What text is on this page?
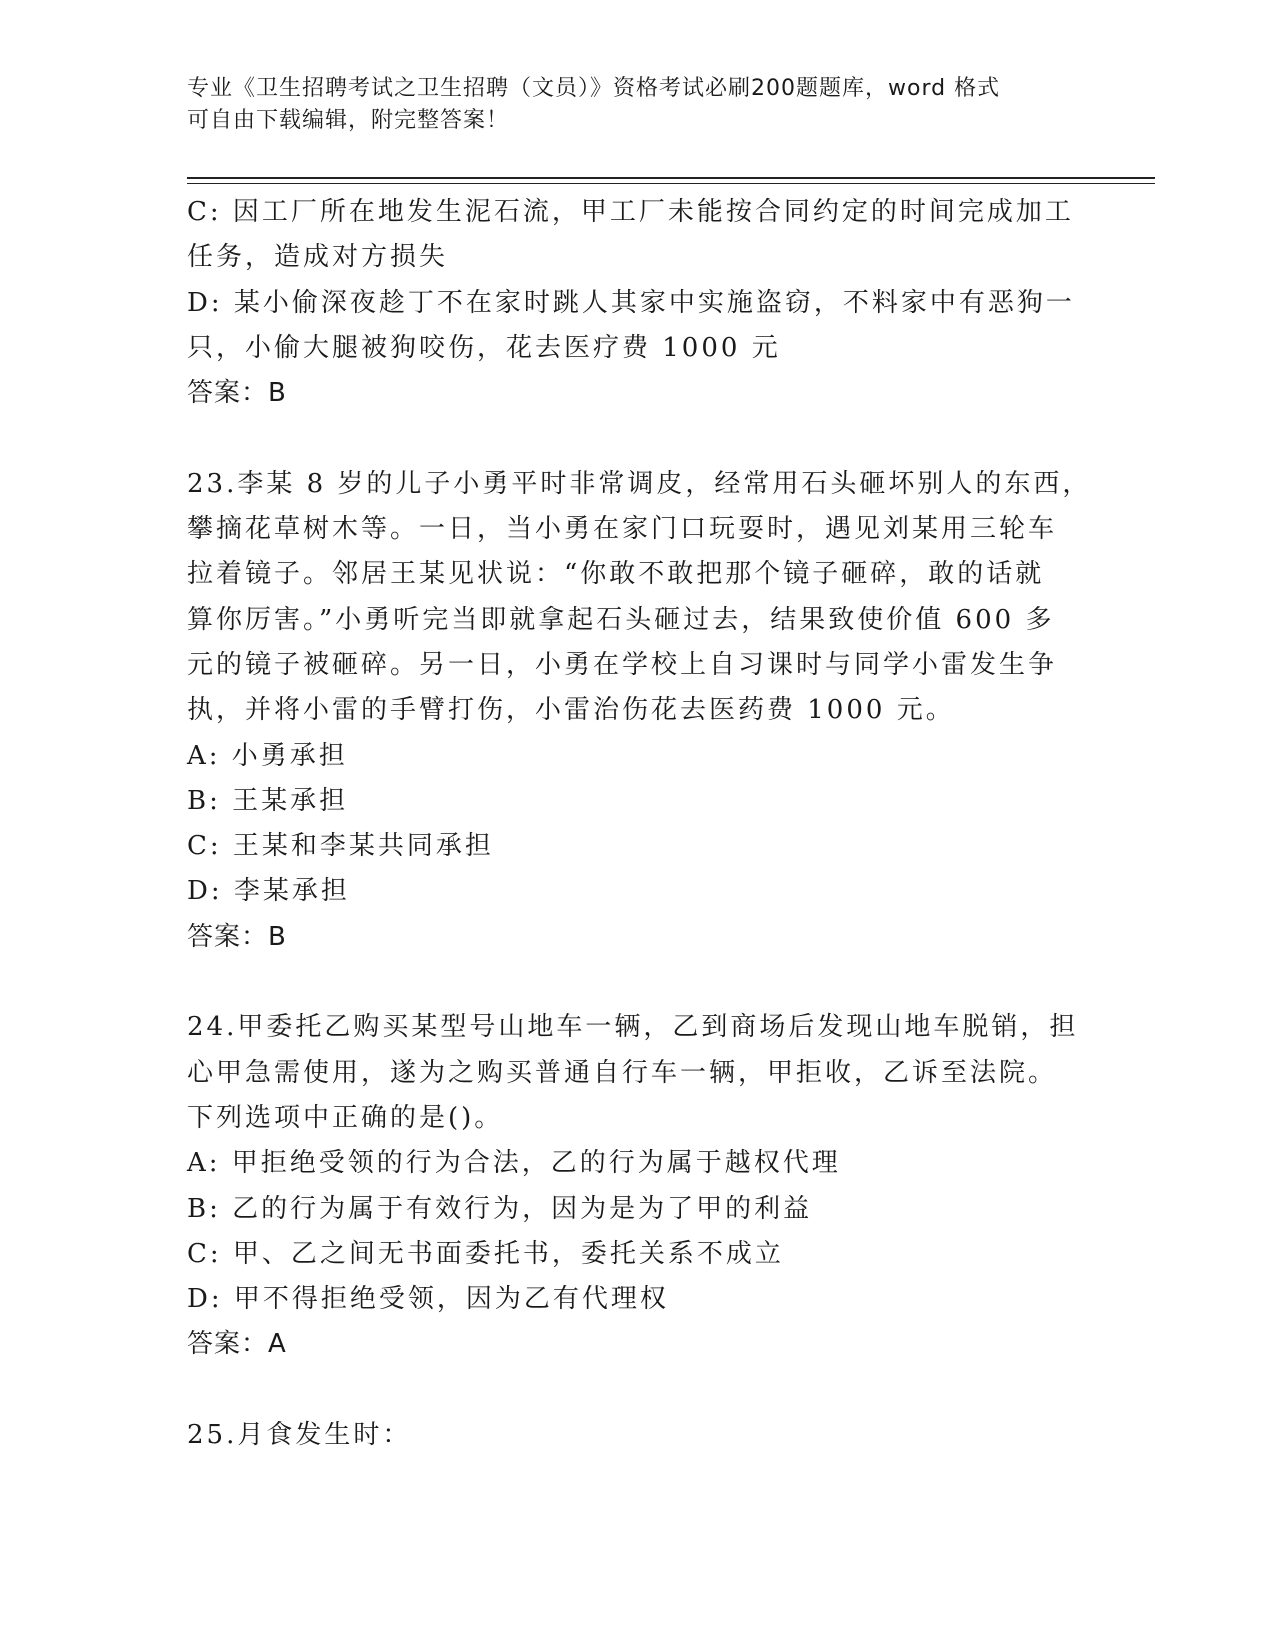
专业《卫生招聘考试之卫生招聘（文员）》资格考试必刷200题题库，word 格式
可自由下载编辑，附完整答案！
C: 因工厂所在地发生泥石流，甲工厂未能按合同约定的时间完成加工
任务，造成对方损失
D: 某小偷深夜趁丁不在家时跳人其家中实施盗窃，不料家中有恶狗一
只，小偷大腿被狗咬伤，花去医疗费 1000 元
答案：B
23.李某 8 岁的儿子小勇平时非常调皮，经常用石头砸坏别人的东西，
攀摘花草树木等。一日，当小勇在家门口玩耍时，遇见刘某用三轮车
拉着镜子。邻居王某见状说：“你敢不敢把那个镜子砸碎，敢的话就
算你厉害。”小勇听完当即就拿起石头砸过去，结果致使价值 600 多
元的镜子被砸碎。另一日，小勇在学校上自习课时与同学小雷发生争
执，并将小雷的手臂打伤，小雷治伤花去医药费 1000 元。
A: 小勇承担
B: 王某承担
C: 王某和李某共同承担
D: 李某承担
答案：B
24.甲委托乙购买某型号山地车一辆，乙到商场后发现山地车脱销，担
心甲急需使用，遂为之购买普通自行车一辆，甲拒收，乙诉至法院。
下列选项中正确的是()。
A: 甲拒绝受领的行为合法，乙的行为属于越权代理
B: 乙的行为属于有效行为，因为是为了甲的利益
C: 甲、乙之间无书面委托书，委托关系不成立
D: 甲不得拒绝受领，因为乙有代理权
答案：A
25.月食发生时：
